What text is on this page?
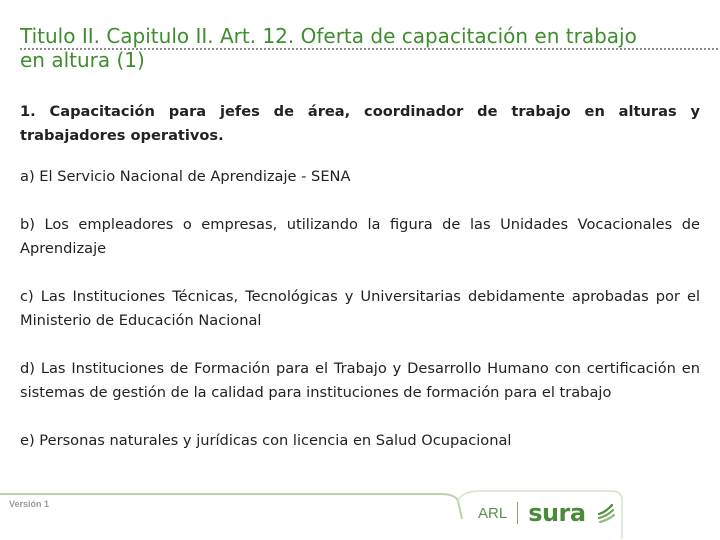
Titulo II. Capitulo II. Art. 12. Oferta de capacitación en trabajo en altura (1)

1. Capacitación para jefes de área, coordinador de trabajo en alturas y trabajadores operativos.

a) El Servicio Nacional de Aprendizaje - SENA

b) Los empleadores o empresas, utilizando la figura de las Unidades Vocacionales de Aprendizaje

c) Las Instituciones Técnicas, Tecnológicas y Universitarias debidamente aprobadas por el Ministerio de Educación Nacional

d) Las Instituciones de Formación para el Trabajo y Desarrollo Humano con certificación en sistemas de gestión de la calidad para instituciones de formación para el trabajo

e) Personas naturales y jurídicas con licencia en Salud Ocupacional

Versión 1
ARL sura
